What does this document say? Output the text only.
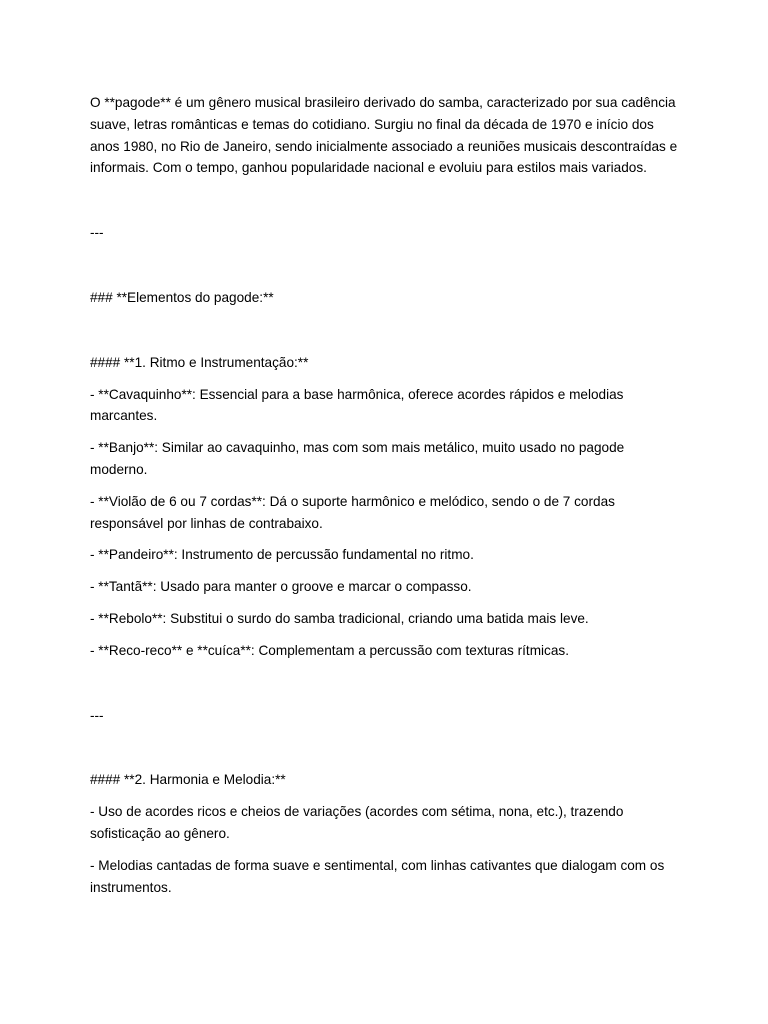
O **pagode** é um gênero musical brasileiro derivado do samba, caracterizado por sua cadência suave, letras românticas e temas do cotidiano. Surgiu no final da década de 1970 e início dos anos 1980, no Rio de Janeiro, sendo inicialmente associado a reuniões musicais descontraídas e informais. Com o tempo, ganhou popularidade nacional e evoluiu para estilos mais variados.

---

### **Elementos do pagode:**

#### **1. Ritmo e Instrumentação:**

- **Cavaquinho**: Essencial para a base harmônica, oferece acordes rápidos e melodias marcantes.

- **Banjo**: Similar ao cavaquinho, mas com som mais metálico, muito usado no pagode moderno.

- **Violão de 6 ou 7 cordas**: Dá o suporte harmônico e melódico, sendo o de 7 cordas responsável por linhas de contrabaixo.

- **Pandeiro**: Instrumento de percussão fundamental no ritmo.

- **Tantã**: Usado para manter o groove e marcar o compasso.

- **Rebolo**: Substitui o surdo do samba tradicional, criando uma batida mais leve.

- **Reco-reco** e **cuíca**: Complementam a percussão com texturas rítmicas.

---

#### **2. Harmonia e Melodia:**

- Uso de acordes ricos e cheios de variações (acordes com sétima, nona, etc.), trazendo sofisticação ao gênero.

- Melodias cantadas de forma suave e sentimental, com linhas cativantes que dialogam com os instrumentos.
